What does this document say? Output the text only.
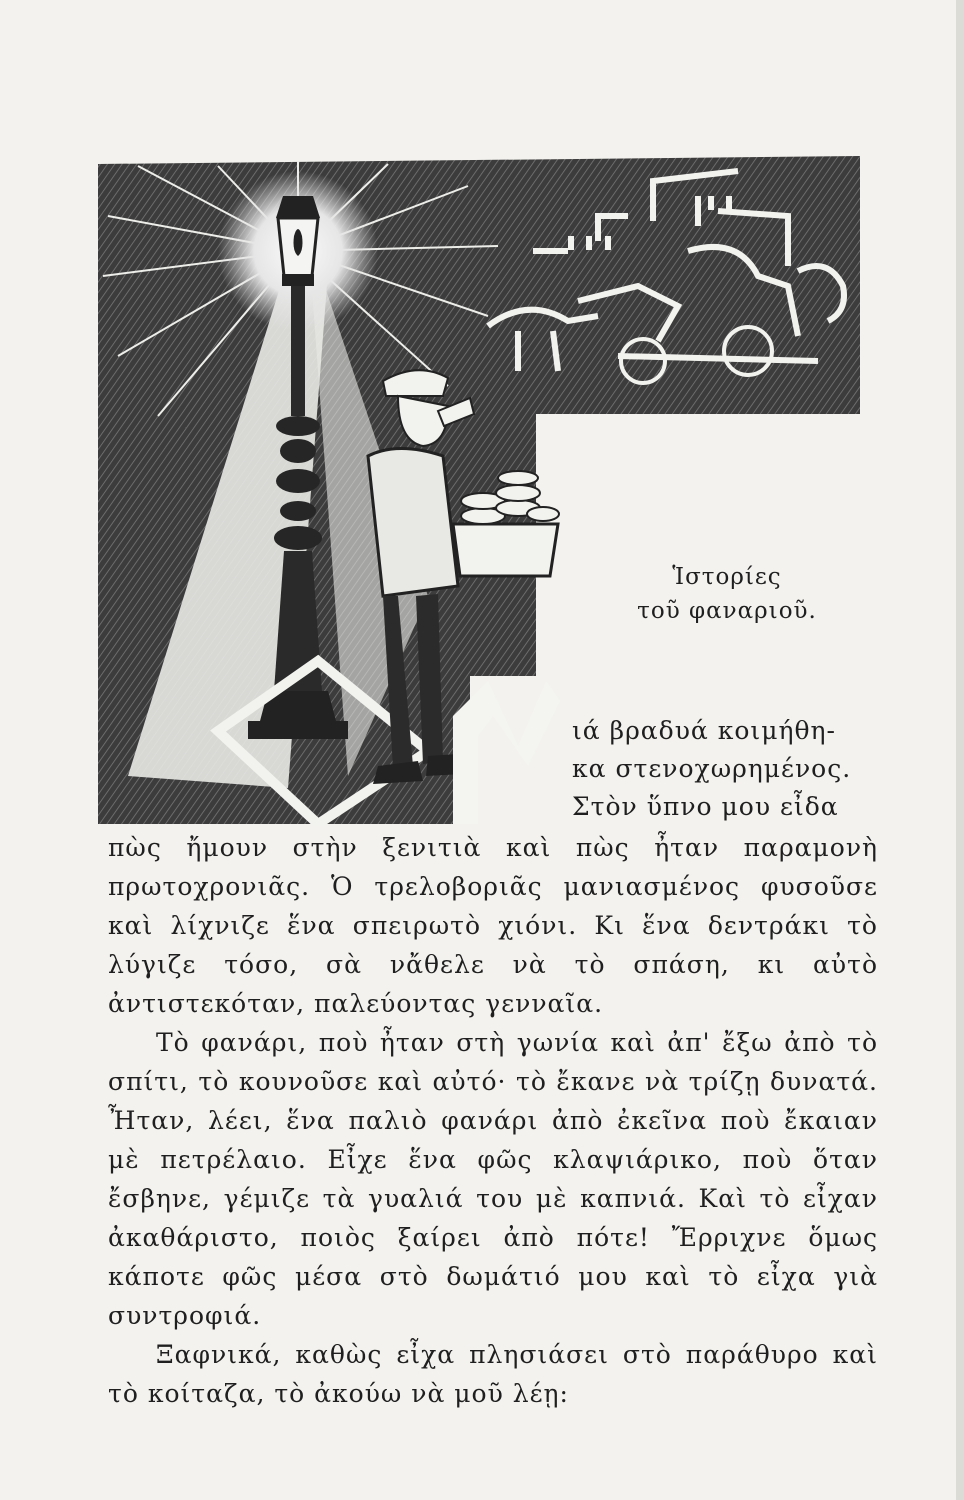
Ἱστορίες
τοῦ φαναριοῦ.
ιά βραδυά κοιμήθη-
κα στενοχωρημένος.
Στὸν ὕπνο μου εἶδα

πὼς ἤμουν στὴν ξενιτιὰ καὶ πὼς ἦταν παραμονὴ πρωτοχρονιᾶς. Ὁ τρελοβοριᾶς μανιασμένος φυσοῦσε καὶ λίχνιζε ἕνα σπειρωτὸ χιόνι. Κι ἕνα δεντράκι τὸ λύγιζε τόσο, σὰ νἄθελε νὰ τὸ σπάση, κι αὐτὸ ἀντιστεκόταν, παλεύοντας γενναῖα.

Τὸ φανάρι, ποὺ ἦταν στὴ γωνία καὶ ἀπ' ἔξω ἀπὸ τὸ σπίτι, τὸ κουνοῦσε καὶ αὐτό· τὸ ἔκανε νὰ τρίζῃ δυνατά. Ἦταν, λέει, ἕνα παλιὸ φανάρι ἀπὸ ἐκεῖνα ποὺ ἔκαιαν μὲ πετρέλαιο. Εἶχε ἕνα φῶς κλαψιάρικο, ποὺ ὅταν ἔσβηνε, γέμιζε τὰ γυαλιά του μὲ καπνιά. Καὶ τὸ εἶχαν ἀκαθάριστο, ποιὸς ξαίρει ἀπὸ πότε! Ἔρριχνε ὅμως κάποτε φῶς μέσα στὸ δωμάτιό μου καὶ τὸ εἶχα γιὰ συντροφιά.

Ξαφνικά, καθὼς εἶχα πλησιάσει στὸ παράθυρο καὶ τὸ κοίταζα, τὸ ἀκούω νὰ μοῦ λέῃ:
